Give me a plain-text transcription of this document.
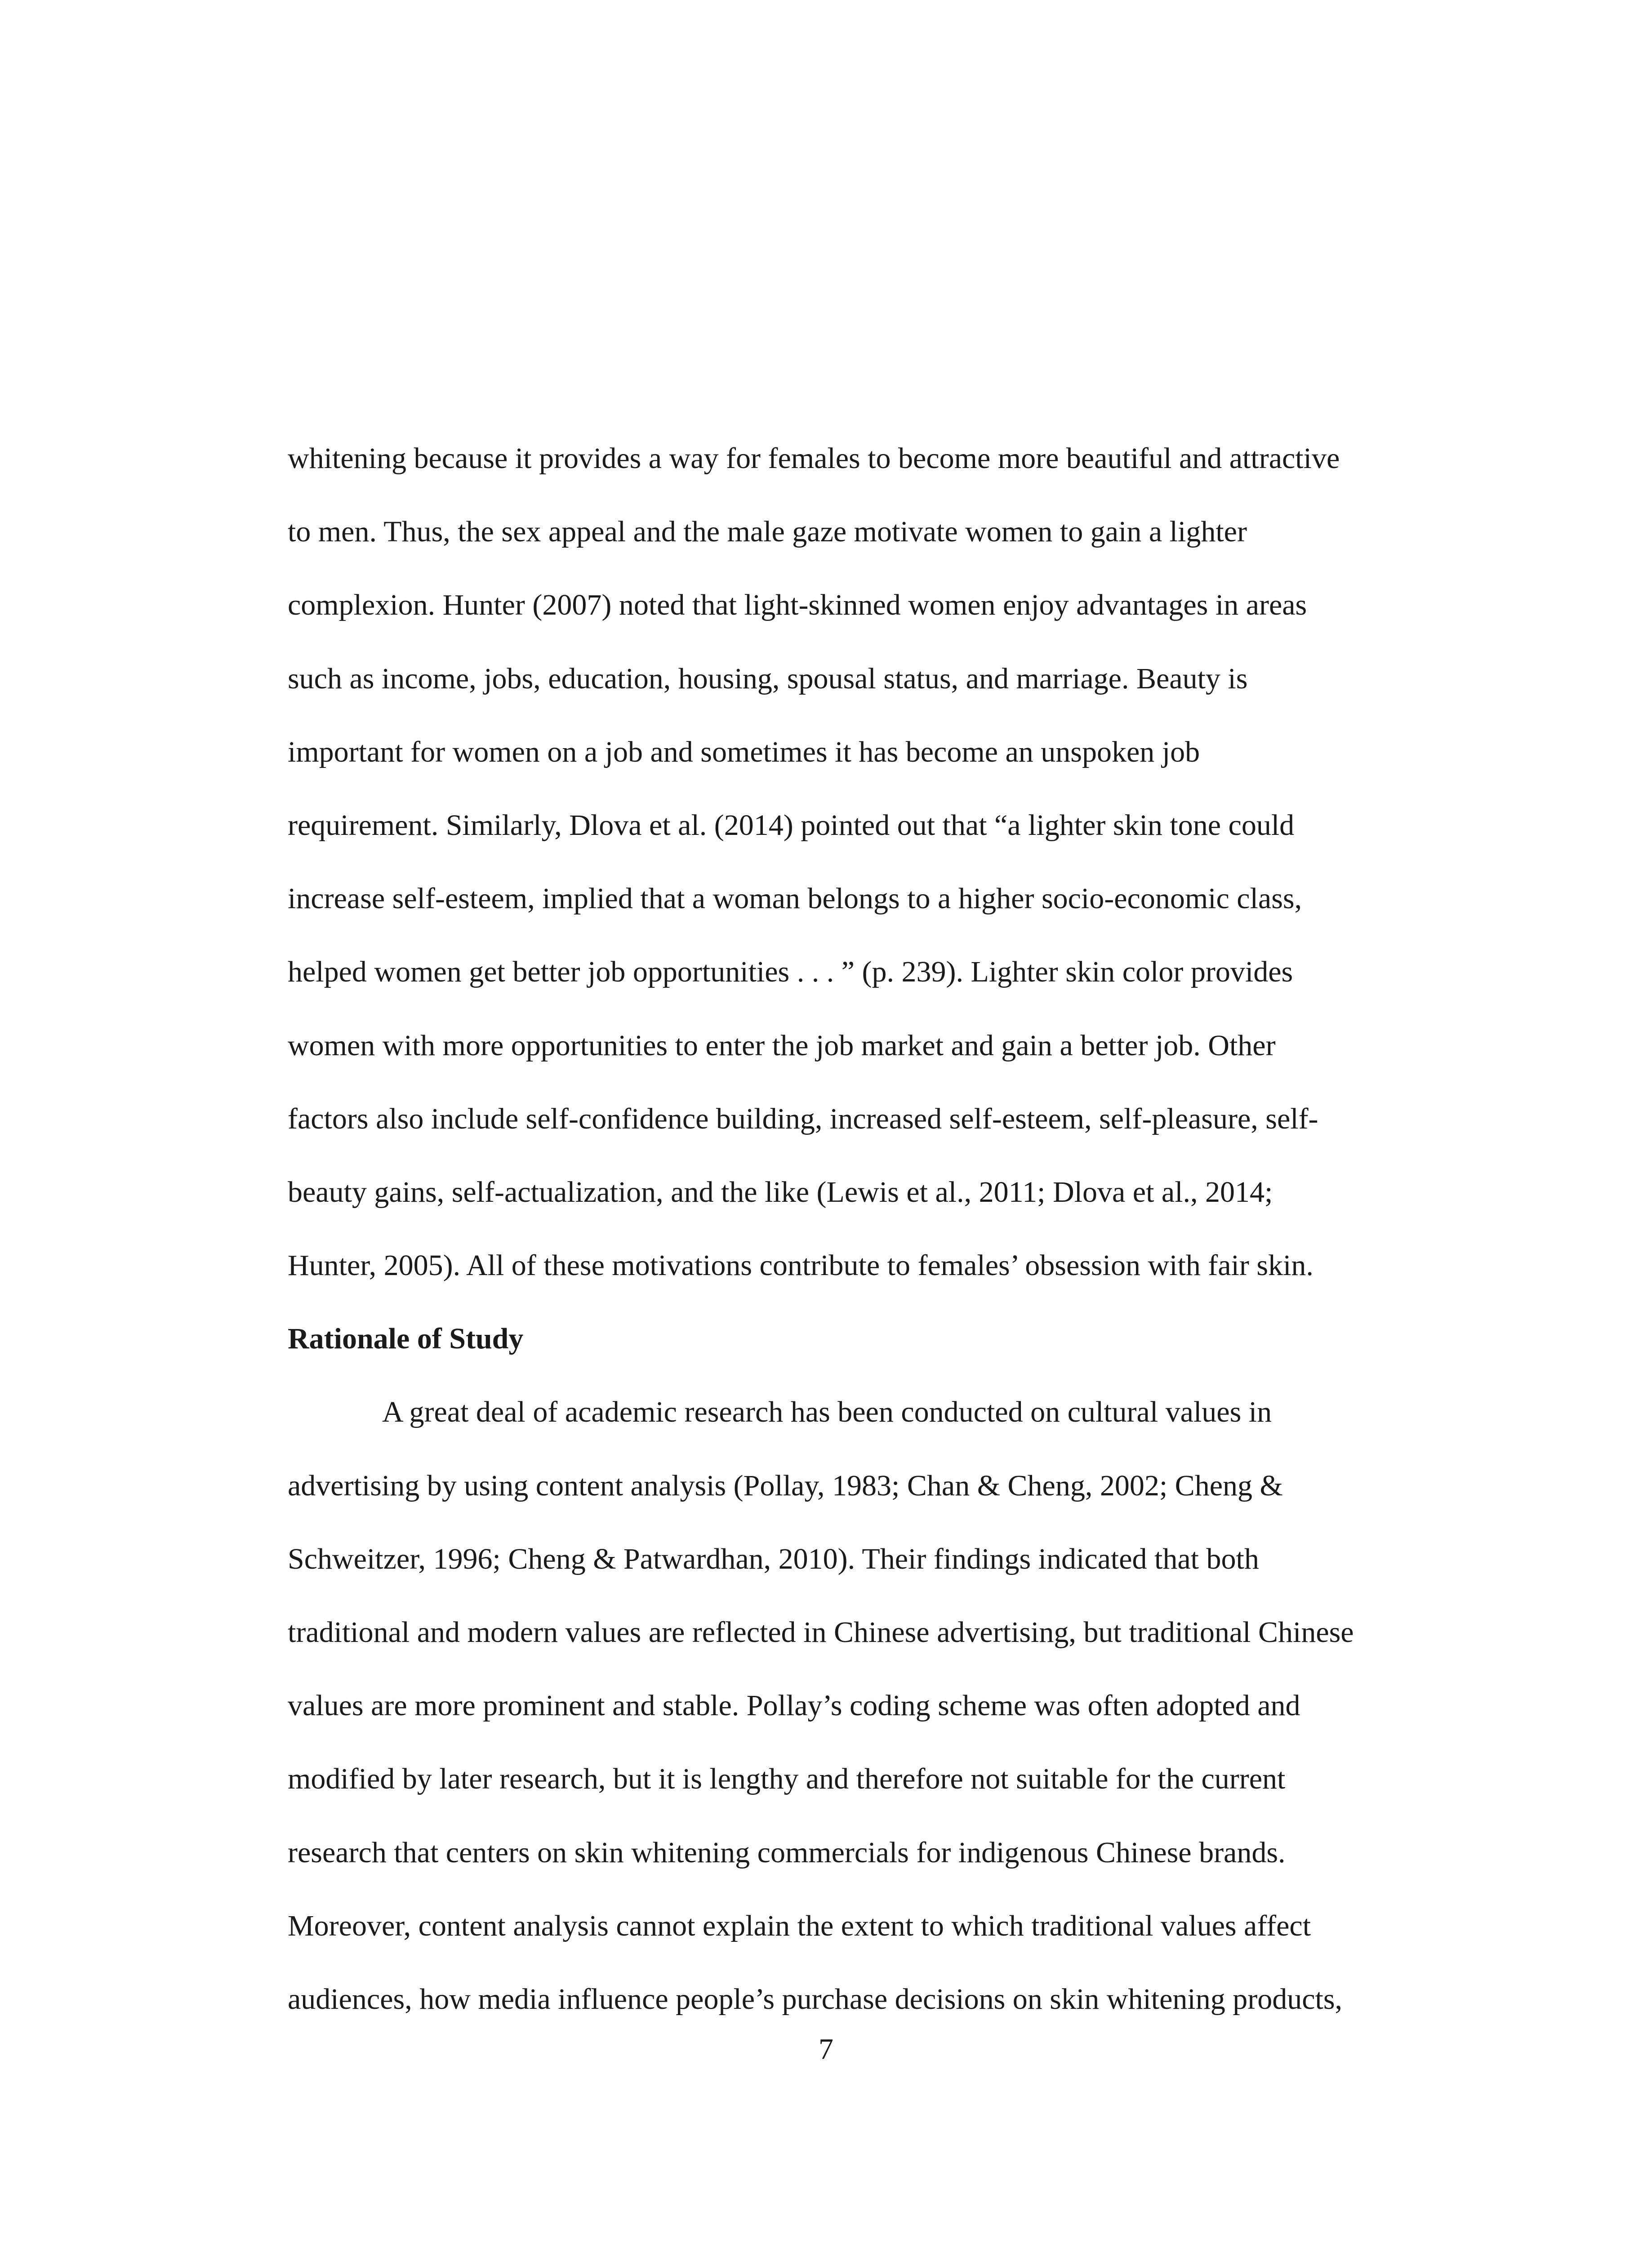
whitening because it provides a way for females to become more beautiful and attractive
to men. Thus, the sex appeal and the male gaze motivate women to gain a lighter
complexion. Hunter (2007) noted that light-skinned women enjoy advantages in areas
such as income, jobs, education, housing, spousal status, and marriage. Beauty is
important for women on a job and sometimes it has become an unspoken job
requirement. Similarly, Dlova et al. (2014) pointed out that “a lighter skin tone could
increase self-esteem, implied that a woman belongs to a higher socio-economic class,
helped women get better job opportunities . . . ” (p. 239). Lighter skin color provides
women with more opportunities to enter the job market and gain a better job. Other
factors also include self-confidence building, increased self-esteem, self-pleasure, self-
beauty gains, self-actualization, and the like (Lewis et al., 2011; Dlova et al., 2014;
Hunter, 2005). All of these motivations contribute to females’ obsession with fair skin.
Rationale of Study
A great deal of academic research has been conducted on cultural values in
advertising by using content analysis (Pollay, 1983; Chan & Cheng, 2002; Cheng &
Schweitzer, 1996; Cheng & Patwardhan, 2010). Their findings indicated that both
traditional and modern values are reflected in Chinese advertising, but traditional Chinese
values are more prominent and stable. Pollay’s coding scheme was often adopted and
modified by later research, but it is lengthy and therefore not suitable for the current
research that centers on skin whitening commercials for indigenous Chinese brands.
Moreover, content analysis cannot explain the extent to which traditional values affect
audiences, how media influence people’s purchase decisions on skin whitening products,
7
